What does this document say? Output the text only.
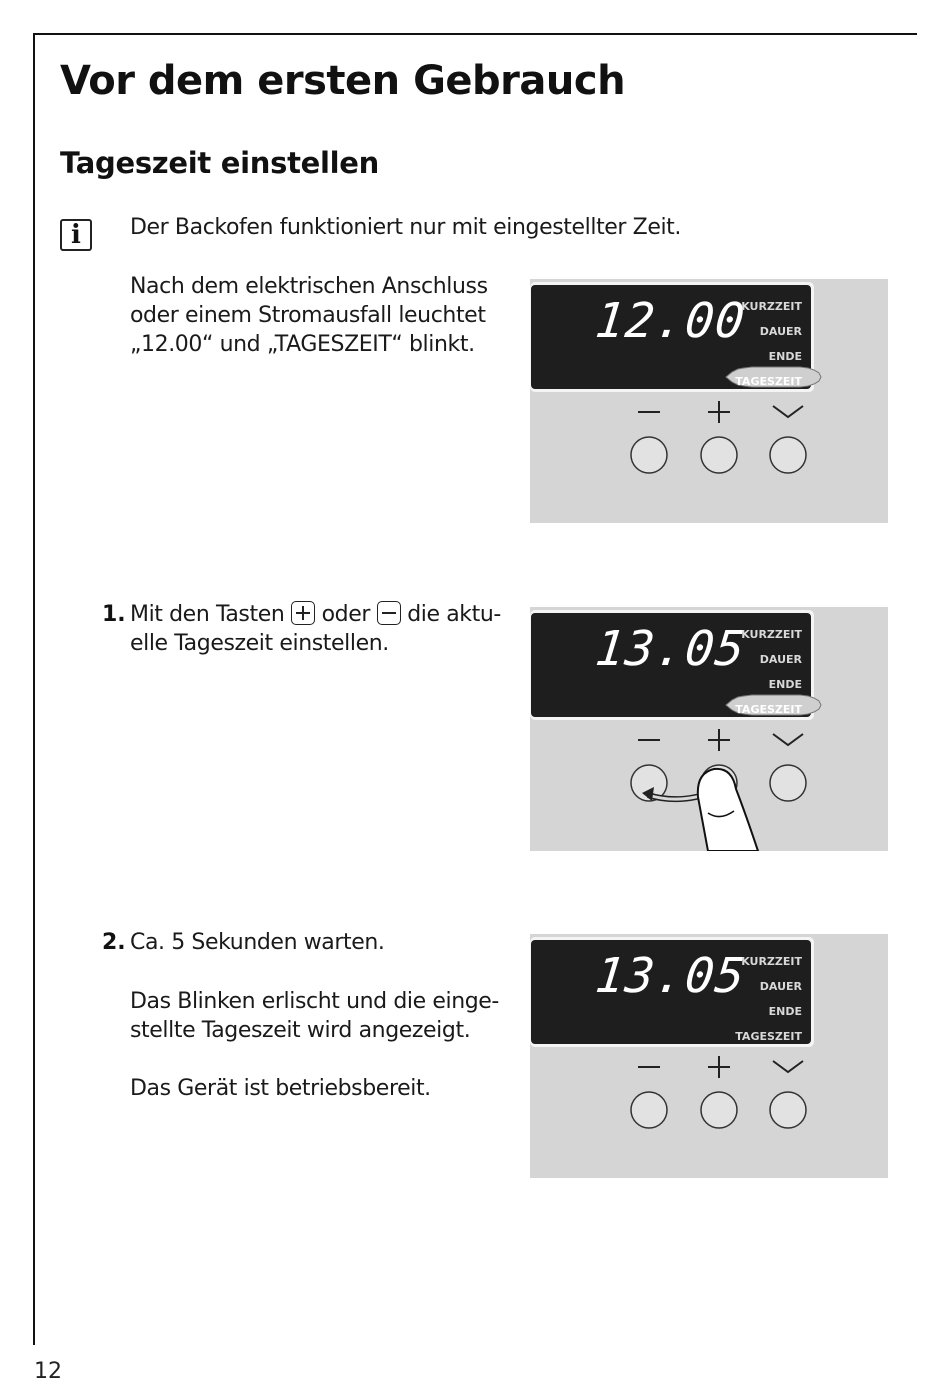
Vor dem ersten Gebrauch
Tageszeit einstellen
i	Der Backofen funktioniert nur mit eingestellter Zeit.

Nach dem elektrischen Anschluss
oder einem Stromausfall leuchtet
„12.00“ und „TAGESZEIT“ blinkt.

1. Mit den Tasten oder die aktu-
elle Tageszeit einstellen.

2. Ca. 5 Sekunden warten.

Das Blinken erlischt und die einge-
stellte Tageszeit wird angezeigt.

Das Gerät ist betriebsbereit.

12.00
KURZZEIT
DAUER
ENDE
TAGESZEIT
13.05
KURZZEIT
DAUER
ENDE
TAGESZEIT
13.05
KURZZEIT
DAUER
ENDE
TAGESZEIT
12
